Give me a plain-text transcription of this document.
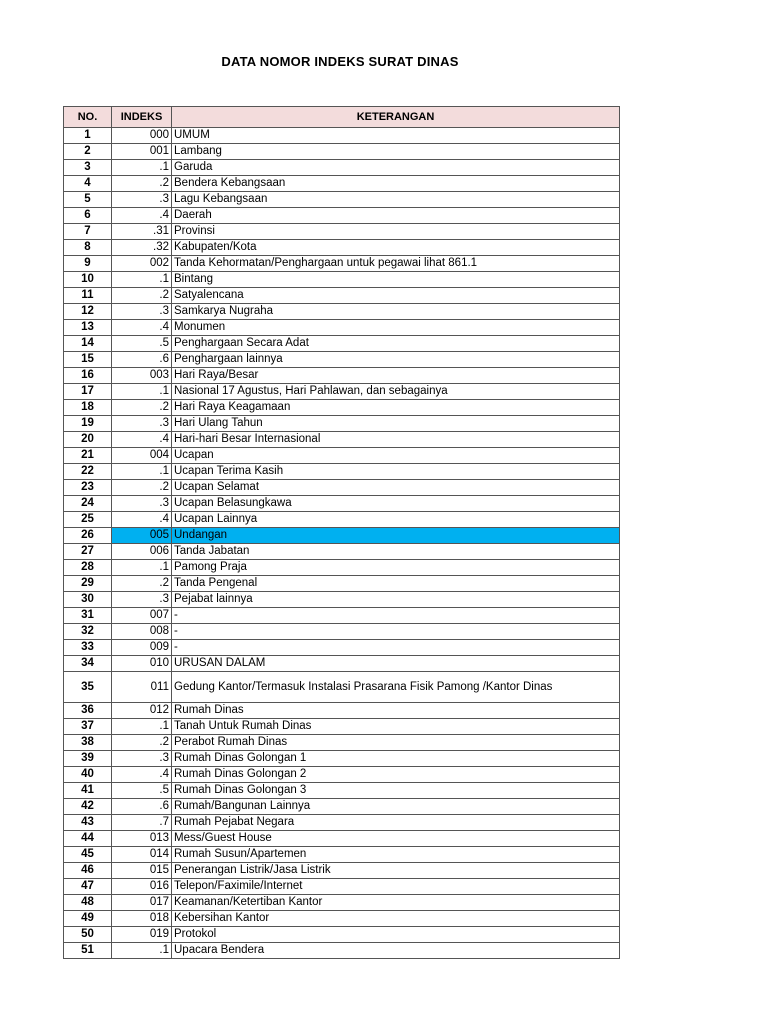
DATA NOMOR INDEKS SURAT DINAS
NO.	INDEKS	KETERANGAN
1	000	UMUM
2	001	Lambang
3	.1	Garuda
4	.2	Bendera Kebangsaan
5	.3	Lagu Kebangsaan
6	.4	Daerah
7	.31	Provinsi
8	.32	Kabupaten/Kota
9	002	Tanda Kehormatan/Penghargaan untuk pegawai lihat 861.1
10	.1	Bintang
11	.2	Satyalencana
12	.3	Samkarya Nugraha
13	.4	Monumen
14	.5	Penghargaan Secara Adat
15	.6	Penghargaan lainnya
16	003	Hari Raya/Besar
17	.1	Nasional 17 Agustus, Hari Pahlawan, dan sebagainya
18	.2	Hari Raya Keagamaan
19	.3	Hari Ulang Tahun
20	.4	Hari-hari Besar Internasional
21	004	Ucapan
22	.1	Ucapan Terima Kasih
23	.2	Ucapan Selamat
24	.3	Ucapan Belasungkawa
25	.4	Ucapan Lainnya
26	005	Undangan
27	006	Tanda Jabatan
28	.1	Pamong Praja
29	.2	Tanda Pengenal
30	.3	Pejabat lainnya
31	007	-
32	008	-
33	009	-
34	010	URUSAN DALAM
35	011	Gedung Kantor/Termasuk Instalasi Prasarana Fisik Pamong /Kantor Dinas
36	012	Rumah Dinas
37	.1	Tanah Untuk Rumah Dinas
38	.2	Perabot Rumah Dinas
39	.3	Rumah Dinas Golongan 1
40	.4	Rumah Dinas Golongan 2
41	.5	Rumah Dinas Golongan 3
42	.6	Rumah/Bangunan Lainnya
43	.7	Rumah Pejabat Negara
44	013	Mess/Guest House
45	014	Rumah Susun/Apartemen
46	015	Penerangan Listrik/Jasa Listrik
47	016	Telepon/Faximile/Internet
48	017	Keamanan/Ketertiban Kantor
49	018	Kebersihan Kantor
50	019	Protokol
51	.1	Upacara Bendera
